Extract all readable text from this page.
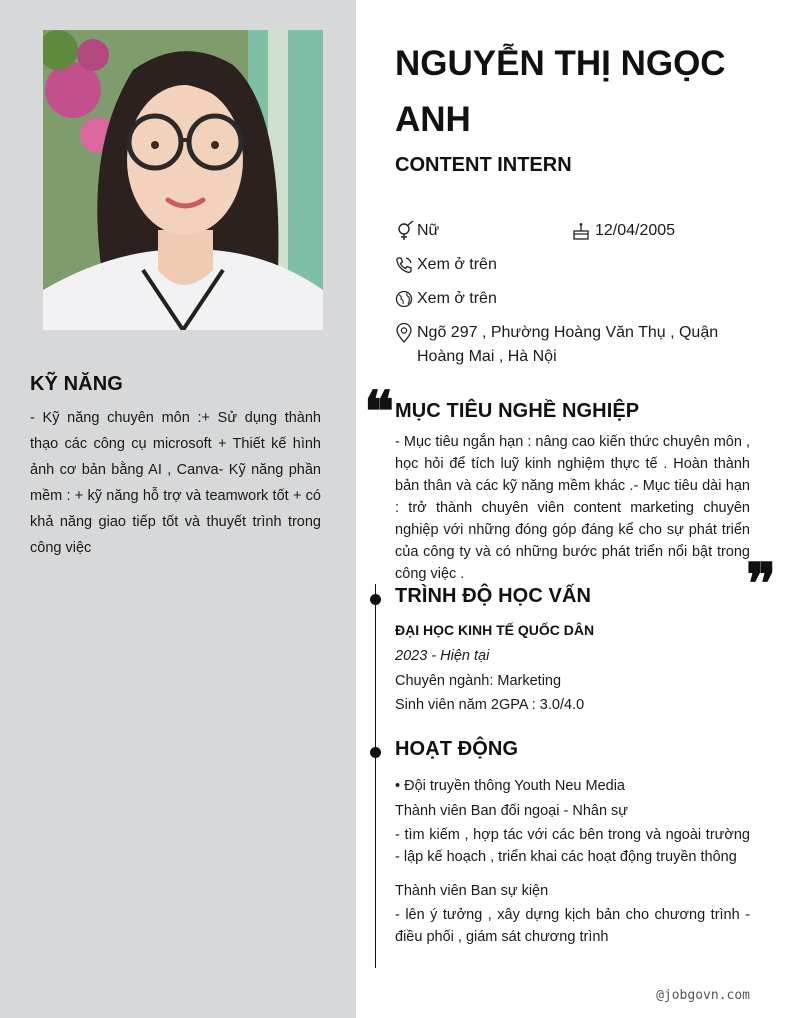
KỸ NĂNG
- Kỹ năng chuyên môn :+ Sử dụng thành thạo các công cụ microsoft + Thiết kế hình ảnh cơ bản bằng AI , Canva- Kỹ năng phần mềm : + kỹ năng hỗ trợ và teamwork tốt + có khả năng giao tiếp tốt và thuyết trình trong công việc
NGUYỄN THỊ NGỌC ANH
CONTENT INTERN
Nữ	12/04/2005
Xem ở trên
Xem ở trên
Ngõ 297 , Phường Hoàng Văn Thụ , Quận Hoàng Mai , Hà Nội
❝ MỤC TIÊU NGHỀ NGHIỆP
- Mục tiêu ngắn hạn : nâng cao kiến thức chuyên môn , học hỏi để tích luỹ kinh nghiệm thực tế . Hoàn thành bản thân và các kỹ năng mềm khác .- Mục tiêu dài hạn : trở thành chuyên viên content marketing chuyên nghiệp với những đóng góp đáng kể cho sự phát triển của công ty và có những bước phát triển nổi bật trong công việc .	❞
TRÌNH ĐỘ HỌC VẤN
ĐẠI HỌC KINH TẾ QUỐC DÂN
2023 - Hiện tại
Chuyên ngành: Marketing
Sinh viên năm 2GPA : 3.0/4.0
HOẠT ĐỘNG
• Đội truyền thông Youth Neu Media
Thành viên Ban đối ngoại - Nhân sự
- tìm kiếm , hợp tác với các bên trong và ngoài trường - lập kế hoạch , triển khai các hoạt động truyền thông
Thành viên Ban sự kiện
- lên ý tưởng , xây dựng kịch bản cho chương trình - điều phối , giám sát chương trình
@jobgovn.com
